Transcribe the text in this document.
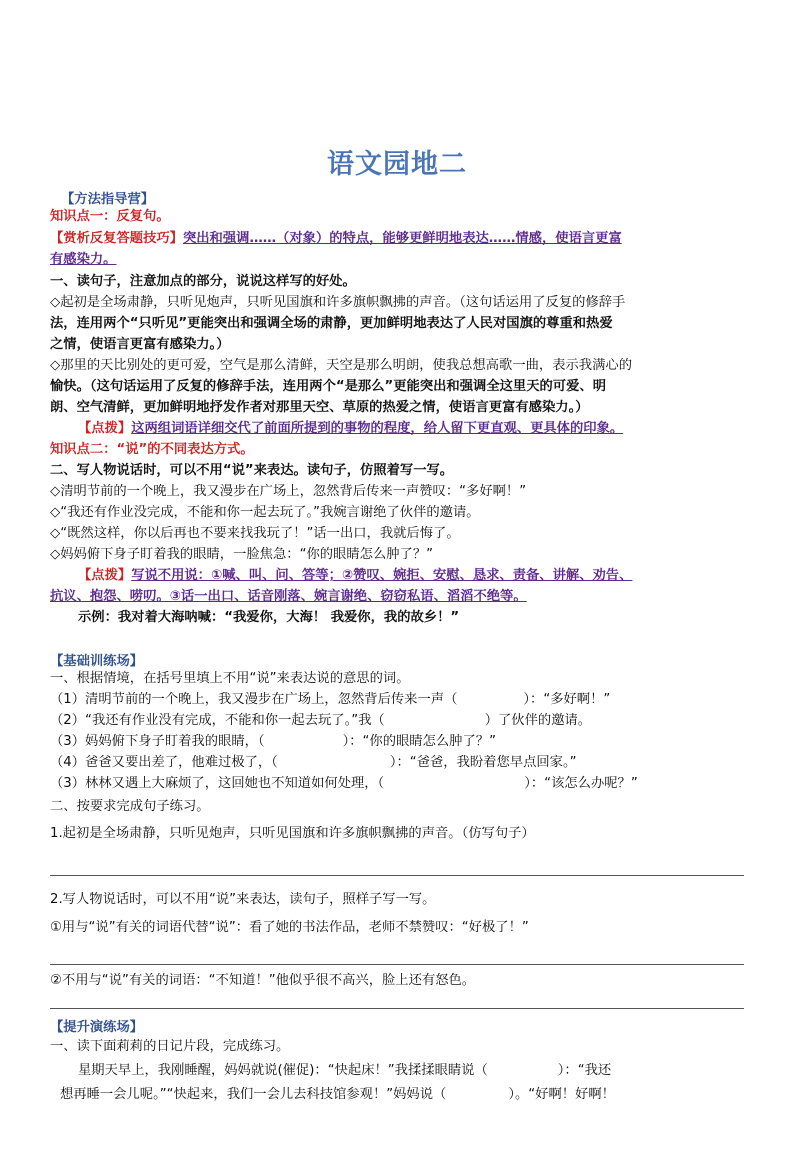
语文园地二
【方法指导营】
知识点一：反复句。
【赏析反复答题技巧】突出和强调……（对象）的特点，能够更鲜明地表达……情感，使语言更富
有感染力。
一、读句子，注意加点的部分，说说这样写的好处。
◇起初是全场肃静，只听见炮声，只听见国旗和许多旗帜飘拂的声音。（这句话运用了反复的修辞手
法，连用两个“只听见”更能突出和强调全场的肃静，更加鲜明地表达了人民对国旗的尊重和热爱
之情，使语言更富有感染力。）
◇那里的天比别处的更可爱，空气是那么清鲜，天空是那么明朗，使我总想高歌一曲，表示我满心的
愉快。（这句话运用了反复的修辞手法，连用两个“是那么”更能突出和强调全这里天的可爱、明
朗、空气清鲜，更加鲜明地抒发作者对那里天空、草原的热爱之情，使语言更富有感染力。）
【点拨】这两组词语详细交代了前面所提到的事物的程度，给人留下更直观、更具体的印象。
知识点二：“说”的不同表达方式。
二、写人物说话时，可以不用“说”来表达。读句子，仿照着写一写。
◇清明节前的一个晚上，我又漫步在广场上，忽然背后传来一声赞叹：“多好啊！”
◇“我还有作业没完成，不能和你一起去玩了。”我婉言谢绝了伙伴的邀请。
◇“既然这样，你以后再也不要来找我玩了！”话一出口，我就后悔了。
◇妈妈俯下身子盯着我的眼睛，一脸焦急：“你的眼睛怎么肿了？”
【点拨】写说不用说：①喊、叫、问、答等；②赞叹、婉拒、安慰、恳求、责备、讲解、劝告、
抗议、抱怨、唠叨。③话一出口、话音刚落、婉言谢绝、窃窃私语、滔滔不绝等。
示例：我对着大海呐喊：“我爱你，大海！ 我爱你，我的故乡！”
【基础训练场】
一、根据情境，在括号里填上不用“说”来表达说的意思的词。
（1）清明节前的一个晚上，我又漫步在广场上，忽然背后传来一声（	）：“多好啊！”
（2）“我还有作业没有完成，不能和你一起去玩了。”我（	）了伙伴的邀请。
（3）妈妈俯下身子盯着我的眼睛，（	）：“你的眼睛怎么肿了？”
（4）爸爸又要出差了，他难过极了，（	）：“爸爸，我盼着您早点回家。”
（3）林林又遇上大麻烦了，这回她也不知道如何处理，（	）：“该怎么办呢？”
二、按要求完成句子练习。
1.起初是全场肃静，只听见炮声，只听见国旗和许多旗帜飘拂的声音。（仿写句子）
2.写人物说话时，可以不用“说”来表达，读句子，照样子写一写。
①用与“说”有关的词语代替“说”：看了她的书法作品，老师不禁赞叹：“好极了！”
②不用与“说”有关的词语：“不知道！”他似乎很不高兴，脸上还有怒色。
【提升演练场】
一、读下面莉莉的日记片段，完成练习。
星期天早上，我刚睡醒，妈妈就说(催促)：“快起床！”我揉揉眼睛说（	）：“我还
想再睡一会儿呢。”“快起来，我们一会儿去科技馆参观！”妈妈说（	）。“好啊！好啊！
